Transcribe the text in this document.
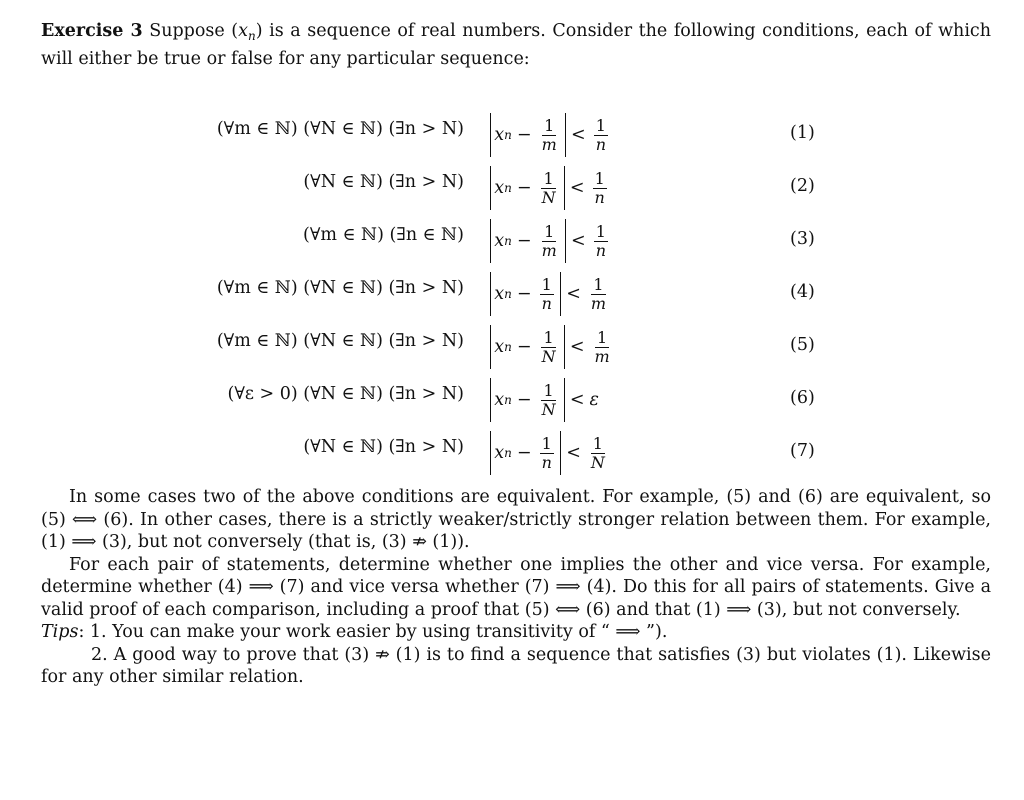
Exercise 3 Suppose $(x_n)$ is a sequence of real numbers. Consider the following conditions, each of which will either be true or false for any particular sequence:

(∀m ∈ ℕ) (∀N ∈ ℕ) (∃n > N) x $n - \frac{1}{m} < \frac{1}{n}$	(1)
(∀N ∈ ℕ) (∃n > N) x $n - \frac{1}{N} < \frac{1}{n}$	(2)
(∀m ∈ ℕ) (∃n ∈ ℕ) x $n - \frac{1}{m} < \frac{1}{n}$	(3)
(∀m ∈ ℕ) (∀N ∈ ℕ) (∃n > N) x $n - \frac{1}{n} < \frac{1}{m}$	(4)
(∀m ∈ ℕ) (∀N ∈ ℕ) (∃n > N) x $n - \frac{1}{N} < \frac{1}{m}$	(5)
(∀ε > 0) (∀N ∈ ℕ) (∃n > N) x $n - \frac{1}{N} < \varepsilon$	(6)
(∀N ∈ ℕ) (∃n > N) x $n - \frac{1}{n} < \frac{1}{N}$	(7)

In some cases two of the above conditions are equivalent. For example, (5) and (6) are equivalent, so (5) ⟺ (6). In other cases, there is a strictly weaker/strictly stronger relation between them. For example, (1) ⟹ (3), but not conversely (that is, (3) ⇏ (1)).

For each pair of statements, determine whether one implies the other and vice versa. For example, determine whether (4) ⟹ (7) and vice versa whether (7) ⟹ (4). Do this for all pairs of statements. Give a valid proof of each comparison, including a proof that (5) ⟺ (6) and that (1) ⟹ (3), but not conversely.

Tips: 1. You can make your work easier by using transitivity of “ ⟹ ”).

2. A good way to prove that (3) ⇏ (1) is to find a sequence that satisfies (3) but violates (1). Likewise for any other similar relation.
